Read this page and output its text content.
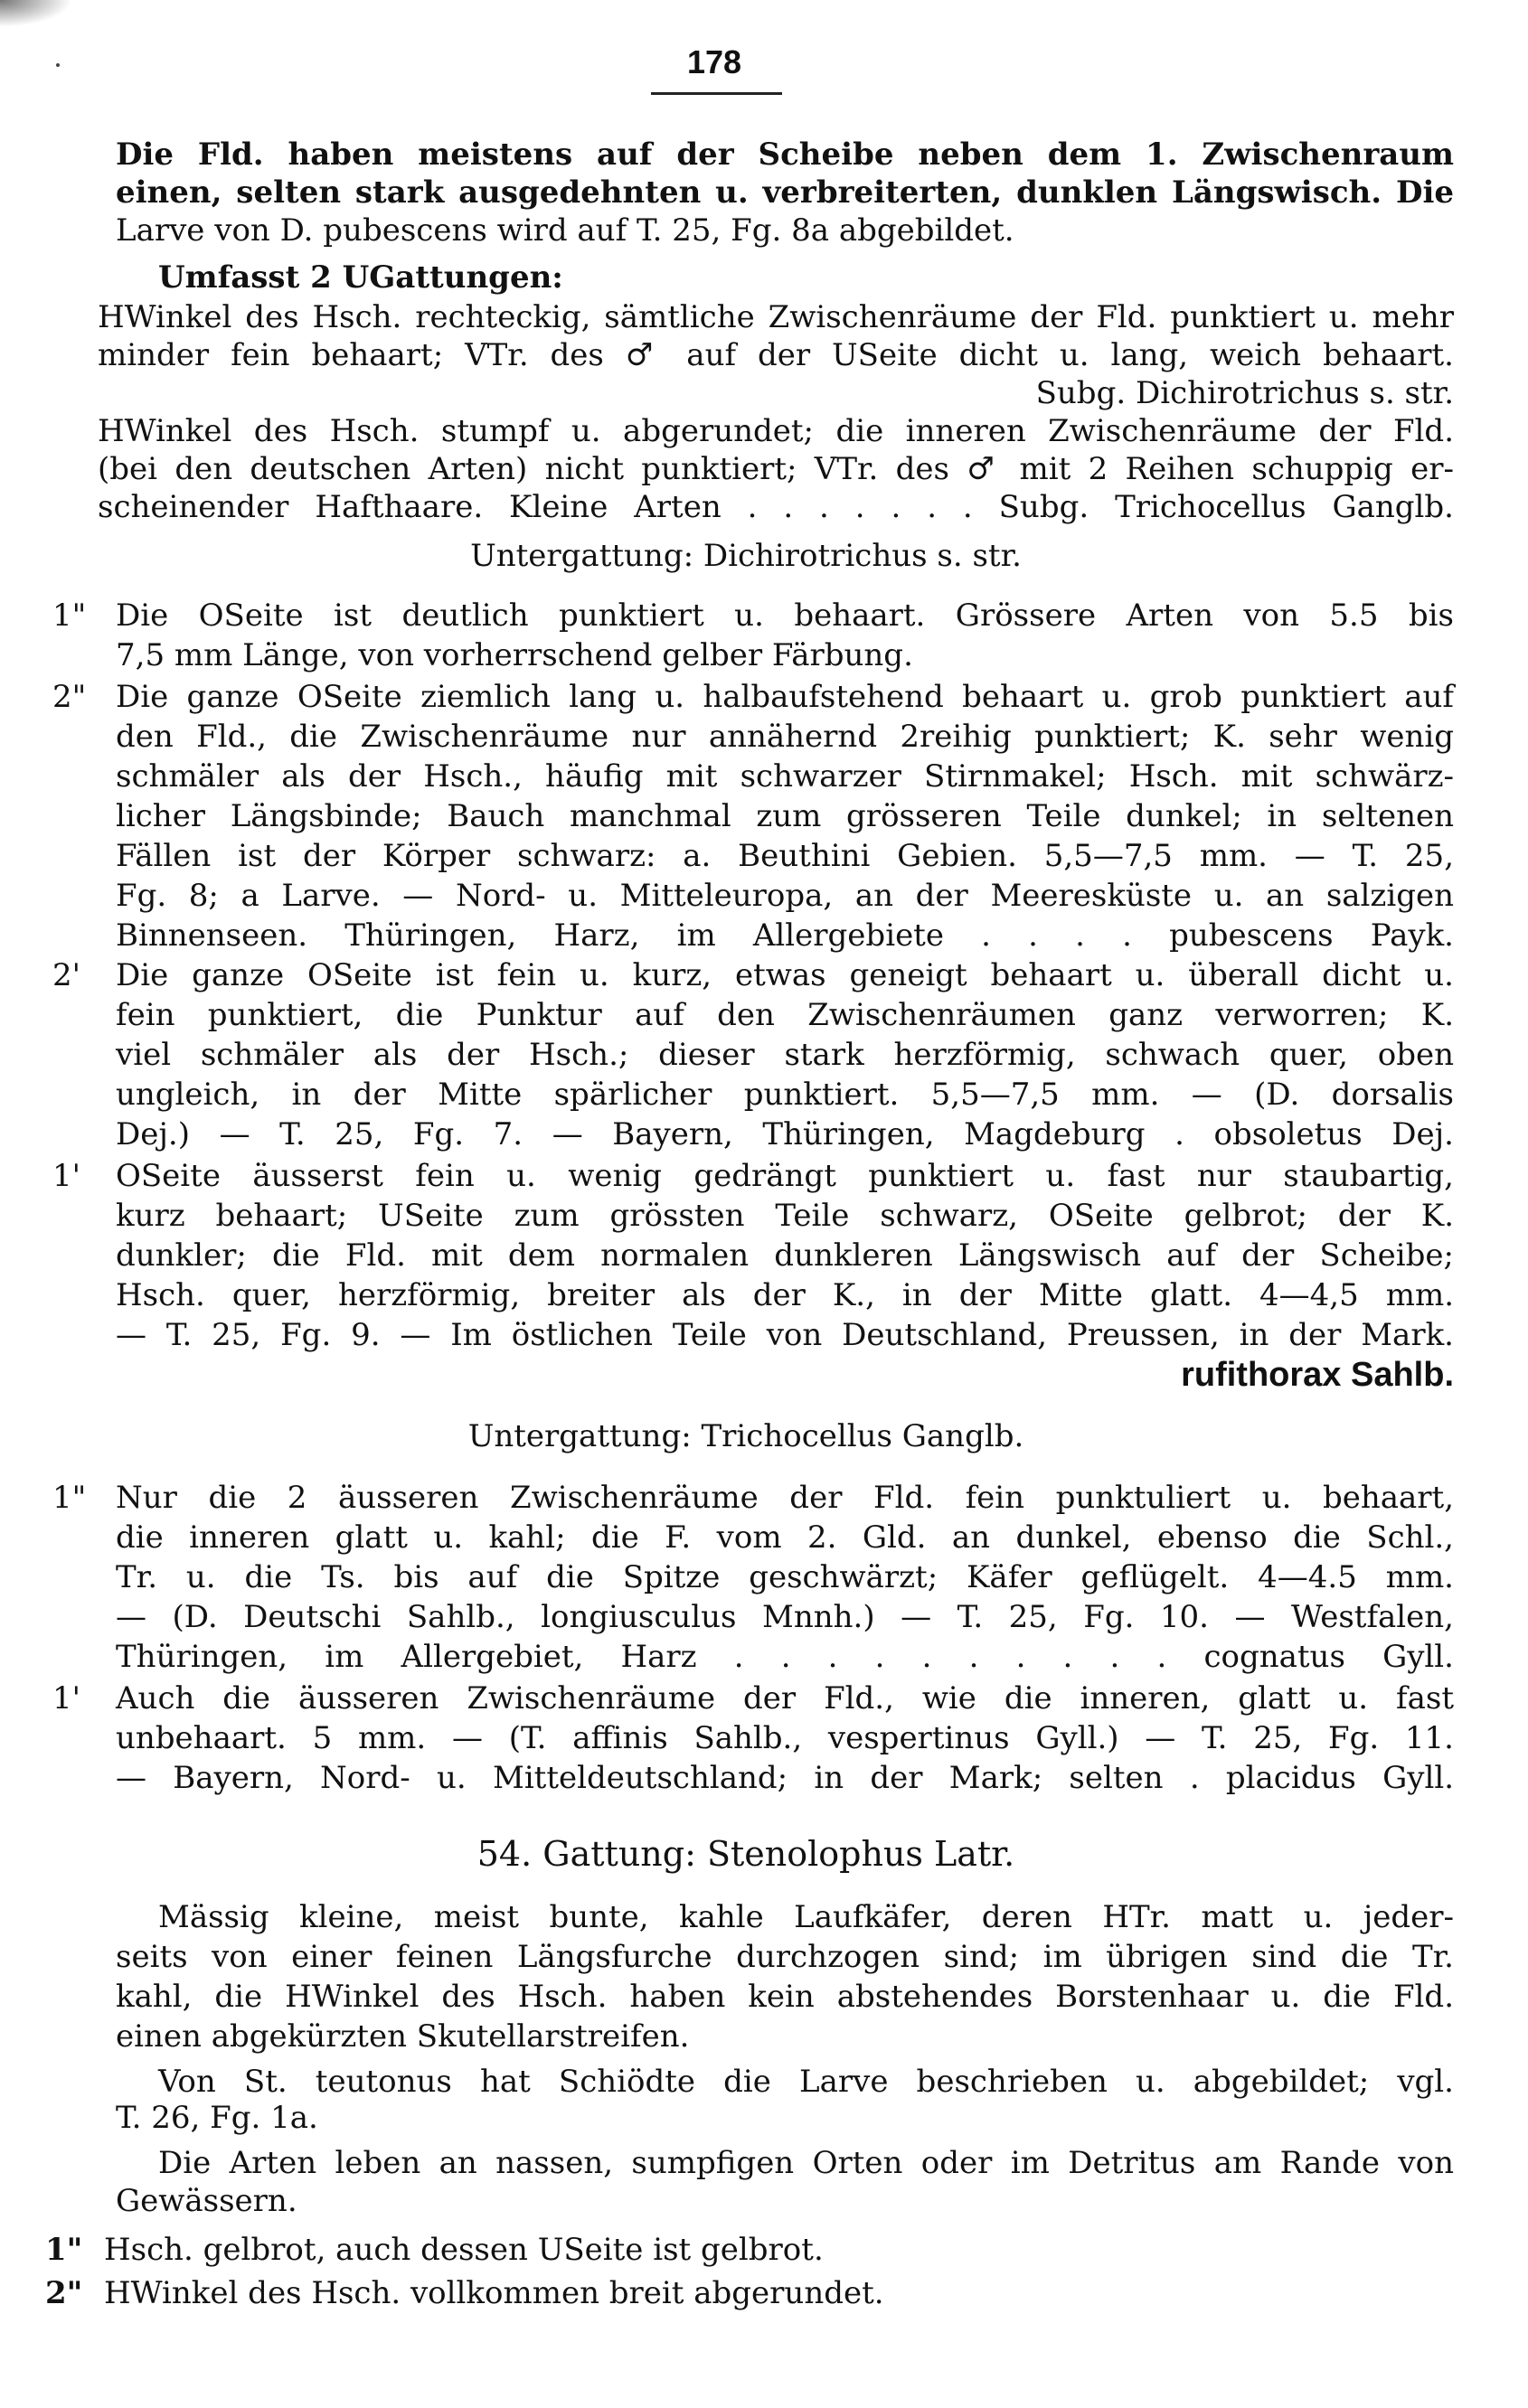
178
Die Fld. haben meistens auf der Scheibe neben dem 1. Zwischenraum
einen, selten stark ausgedehnten u. verbreiterten, dunklen Längswisch. Die
Larve von D. pubescens wird auf T. 25, Fg. 8a abgebildet.
Umfasst 2 UGattungen:
HWinkel des Hsch. rechteckig, sämtliche Zwischenräume der Fld. punktiert u. mehr
minder fein behaart; VTr. des ♂ auf der USeite dicht u. lang, weich behaart.
Subg. Dichirotrichus s. str.
HWinkel des Hsch. stumpf u. abgerundet; die inneren Zwischenräume der Fld.
(bei den deutschen Arten) nicht punktiert; VTr. des ♂ mit 2 Reihen schuppig er-
scheinender Hafthaare. Kleine Arten . . . . . . . Subg. Trichocellus Ganglb.
Untergattung: Dichirotrichus s. str.
1" Die OSeite ist deutlich punktiert u. behaart. Grössere Arten von 5.5 bis
7,5 mm Länge, von vorherrschend gelber Färbung.
2" Die ganze OSeite ziemlich lang u. halbaufstehend behaart u. grob punktiert auf
den Fld., die Zwischenräume nur annähernd 2reihig punktiert; K. sehr wenig
schmäler als der Hsch., häufig mit schwarzer Stirnmakel; Hsch. mit schwärz-
licher Längsbinde; Bauch manchmal zum grösseren Teile dunkel; in seltenen
Fällen ist der Körper schwarz: a. Beuthini Gebien. 5,5—7,5 mm. — T. 25,
Fg. 8; a Larve. — Nord- u. Mitteleuropa, an der Meeresküste u. an salzigen
Binnenseen. Thüringen, Harz, im Allergebiete . . . . pubescens Payk.
2'	Die ganze OSeite ist fein u. kurz, etwas geneigt behaart u. überall dicht u.
fein punktiert, die Punktur auf den Zwischenräumen ganz verworren; K.
viel schmäler als der Hsch.; dieser stark herzförmig, schwach quer, oben
ungleich, in der Mitte spärlicher punktiert. 5,5—7,5 mm. — (D. dorsalis
Dej.) — T. 25, Fg. 7. — Bayern, Thüringen, Magdeburg . obsoletus Dej.
1'	OSeite äusserst fein u. wenig gedrängt punktiert u. fast nur staubartig,
kurz behaart; USeite zum grössten Teile schwarz, OSeite gelbrot; der K.
dunkler; die Fld. mit dem normalen dunkleren Längswisch auf der Scheibe;
Hsch. quer, herzförmig, breiter als der K., in der Mitte glatt. 4—4,5 mm.
— T. 25, Fg. 9. — Im östlichen Teile von Deutschland, Preussen, in der Mark.
rufithorax Sahlb.
Untergattung: Trichocellus Ganglb.
1" Nur die 2 äusseren Zwischenräume der Fld. fein punktuliert u. behaart,
die inneren glatt u. kahl; die F. vom 2. Gld. an dunkel, ebenso die Schl.,
Tr. u. die Ts. bis auf die Spitze geschwärzt; Käfer geflügelt. 4—4.5 mm.
— (D. Deutschi Sahlb., longiusculus Mnnh.) — T. 25, Fg. 10. — Westfalen,
Thüringen, im Allergebiet, Harz . . . . . . . . . . cognatus Gyll.
1'	Auch die äusseren Zwischenräume der Fld., wie die inneren, glatt u. fast
unbehaart. 5 mm. — (T. affinis Sahlb., vespertinus Gyll.) — T. 25, Fg. 11.
— Bayern, Nord- u. Mitteldeutschland; in der Mark; selten . placidus Gyll.
54. Gattung: Stenolophus Latr.
Mässig kleine, meist bunte, kahle Laufkäfer, deren HTr. matt u. jeder-
seits von einer feinen Längsfurche durchzogen sind; im übrigen sind die Tr.
kahl, die HWinkel des Hsch. haben kein abstehendes Borstenhaar u. die Fld.
einen abgekürzten Skutellarstreifen.
Von St. teutonus hat Schiödte die Larve beschrieben u. abgebildet; vgl.
T. 26, Fg. 1a.
Die Arten leben an nassen, sumpfigen Orten oder im Detritus am Rande von
Gewässern.
1" Hsch. gelbrot, auch dessen USeite ist gelbrot.
2" HWinkel des Hsch. vollkommen breit abgerundet.
